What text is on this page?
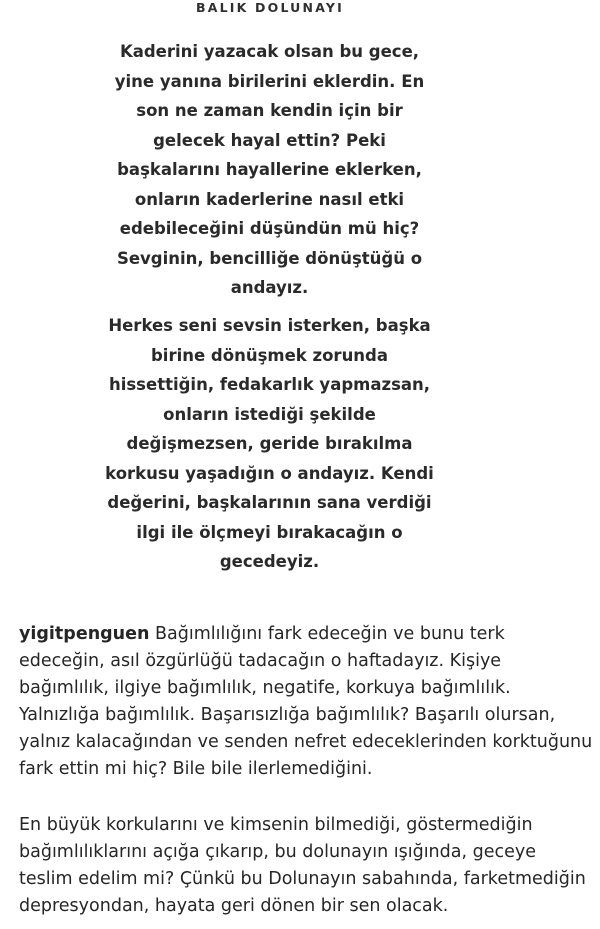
BALIK DOLUNAYI
Kaderini yazacak olsan bu gece, yine yanına birilerini eklerdin. En son ne zaman kendin için bir gelecek hayal ettin? Peki başkalarını hayallerine eklerken, onların kaderlerine nasıl etki edebileceğini düşündün mü hiç? Sevginin, bencilliğe dönüştüğü o andayız.
Herkes seni sevsin isterken, başka birine dönüşmek zorunda hissettiğin, fedakarlık yapmazsan, onların istediği şekilde değişmezsen, geride bırakılma korkusu yaşadığın o andayız. Kendi değerini, başkalarının sana verdiği ilgi ile ölçmeyi bırakacağın o gecedeyiz.
yigitpenguen Bağımlılığını fark edeceğin ve bunu terk edeceğin, asıl özgürlüğü tadacağın o haftadayız. Kişiye bağımlılık, ilgiye bağımlılık, negatife, korkuya bağımlılık. Yalnızlığa bağımlılık. Başarısızlığa bağımlılık? Başarılı olursan, yalnız kalacağından ve senden nefret edeceklerinden korktuğunu fark ettin mi hiç? Bile bile ilerlemediğini.
En büyük korkularını ve kimsenin bilmediği, göstermediğin bağımlılıklarını açığa çıkarıp, bu dolunayın ışığında, geceye teslim edelim mi? Çünkü bu Dolunayın sabahında, farketmediğin depresyondan, hayata geri dönen bir sen olacak.
